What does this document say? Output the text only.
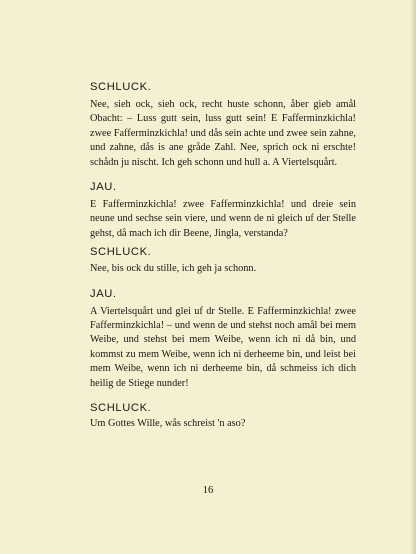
SCHLUCK.

Nee, sieh ock, sieh ock, recht huste schonn, åber gieb amål Obacht: – Luss gutt sein, luss gutt sein! E Fafferminzkichla! zwee Fafferminzkichla! und dås sein achte und zwee sein zahne, und zahne, dås is ane gråde Zahl. Nee, sprich ock ni erschte! schådn ju nischt. Ich geh schonn und hull a. A Viertelsquårt.

JAU.

E Fafferminzkichla! zwee Fafferminzkichla! und dreie sein neune und sechse sein viere, und wenn de ni gleich uf der Stelle gehst, då mach ich dir Beene, Jingla, verstanda?

SCHLUCK.

Nee, bis ock du stille, ich geh ja schonn.

JAU.

A Viertelsquårt und glei uf dr Stelle. E Fafferminzkichla! zwee Fafferminzkichla! – und wenn de und stehst noch amål bei mem Weibe, und stehst bei mem Weibe, wenn ich ni då bin, und kommst zu mem Weibe, wenn ich ni derheeme bin, und leist bei mem Weibe, wenn ich ni derheeme bin, då schmeiss ich dich heilig de Stiege nunder!

SCHLUCK.

Um Gottes Wille, wås schreist 'n aso?

16
